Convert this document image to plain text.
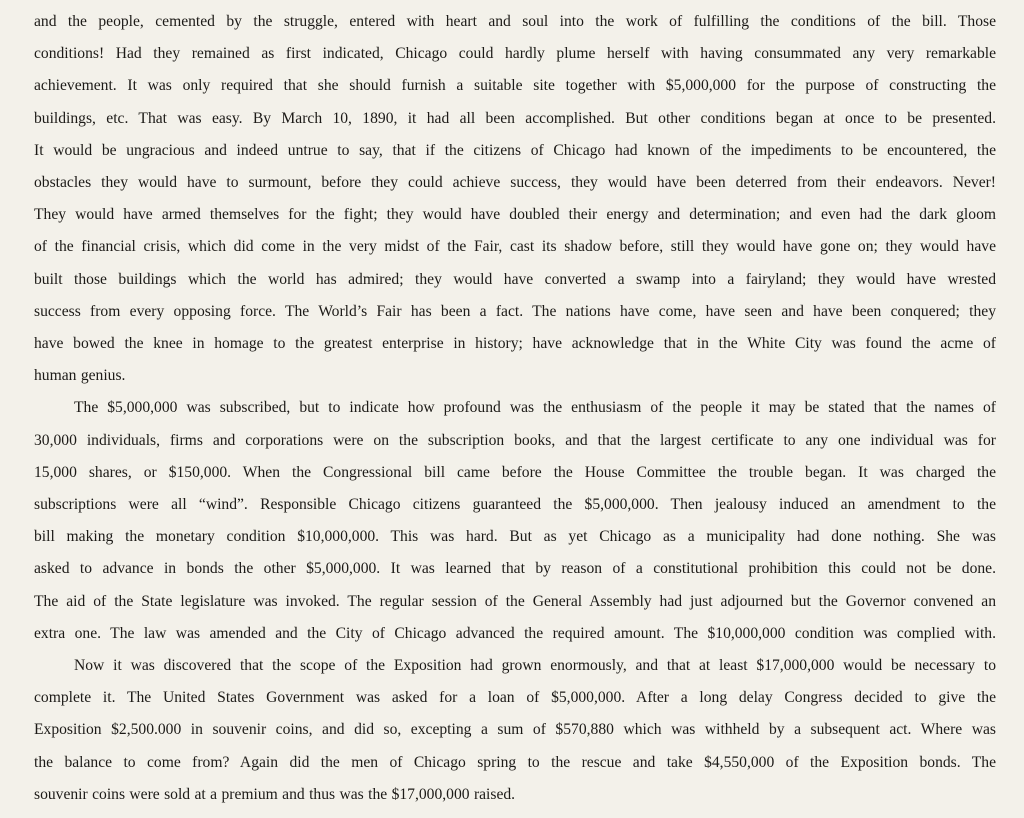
and the people, cemented by the struggle, entered with heart and soul into the work of fulfilling the conditions of the bill. Those
conditions! Had they remained as first indicated, Chicago could hardly plume herself with having consummated any very remarkable
achievement. It was only required that she should furnish a suitable site together with $5,000,000 for the purpose of constructing the
buildings, etc. That was easy. By March 10, 1890, it had all been accomplished. But other conditions began at once to be presented.
It would be ungracious and indeed untrue to say, that if the citizens of Chicago had known of the impediments to be encountered, the
obstacles they would have to surmount, before they could achieve success, they would have been deterred from their endeavors. Never!
They would have armed themselves for the fight; they would have doubled their energy and determination; and even had the dark gloom
of the financial crisis, which did come in the very midst of the Fair, cast its shadow before, still they would have gone on; they would have
built those buildings which the world has admired; they would have converted a swamp into a fairyland; they would have wrested
success from every opposing force. The World’s Fair has been a fact. The nations have come, have seen and have been conquered; they
have bowed the knee in homage to the greatest enterprise in history; have acknowledge that in the White City was found the acme of
human genius.
The $5,000,000 was subscribed, but to indicate how profound was the enthusiasm of the people it may be stated that the names of
30,000 individuals, firms and corporations were on the subscription books, and that the largest certificate to any one individual was for
15,000 shares, or $150,000. When the Congressional bill came before the House Committee the trouble began. It was charged the
subscriptions were all “wind”. Responsible Chicago citizens guaranteed the $5,000,000. Then jealousy induced an amendment to the
bill making the monetary condition $10,000,000. This was hard. But as yet Chicago as a municipality had done nothing. She was
asked to advance in bonds the other $5,000,000. It was learned that by reason of a constitutional prohibition this could not be done.
The aid of the State legislature was invoked. The regular session of the General Assembly had just adjourned but the Governor convened an
extra one. The law was amended and the City of Chicago advanced the required amount. The $10,000,000 condition was complied with.
Now it was discovered that the scope of the Exposition had grown enormously, and that at least $17,000,000 would be necessary to
complete it. The United States Government was asked for a loan of $5,000,000. After a long delay Congress decided to give the
Exposition $2,500.000 in souvenir coins, and did so, excepting a sum of $570,880 which was withheld by a subsequent act. Where was
the balance to come from? Again did the men of Chicago spring to the rescue and take $4,550,000 of the Exposition bonds. The
souvenir coins were sold at a premium and thus was the $17,000,000 raised.
